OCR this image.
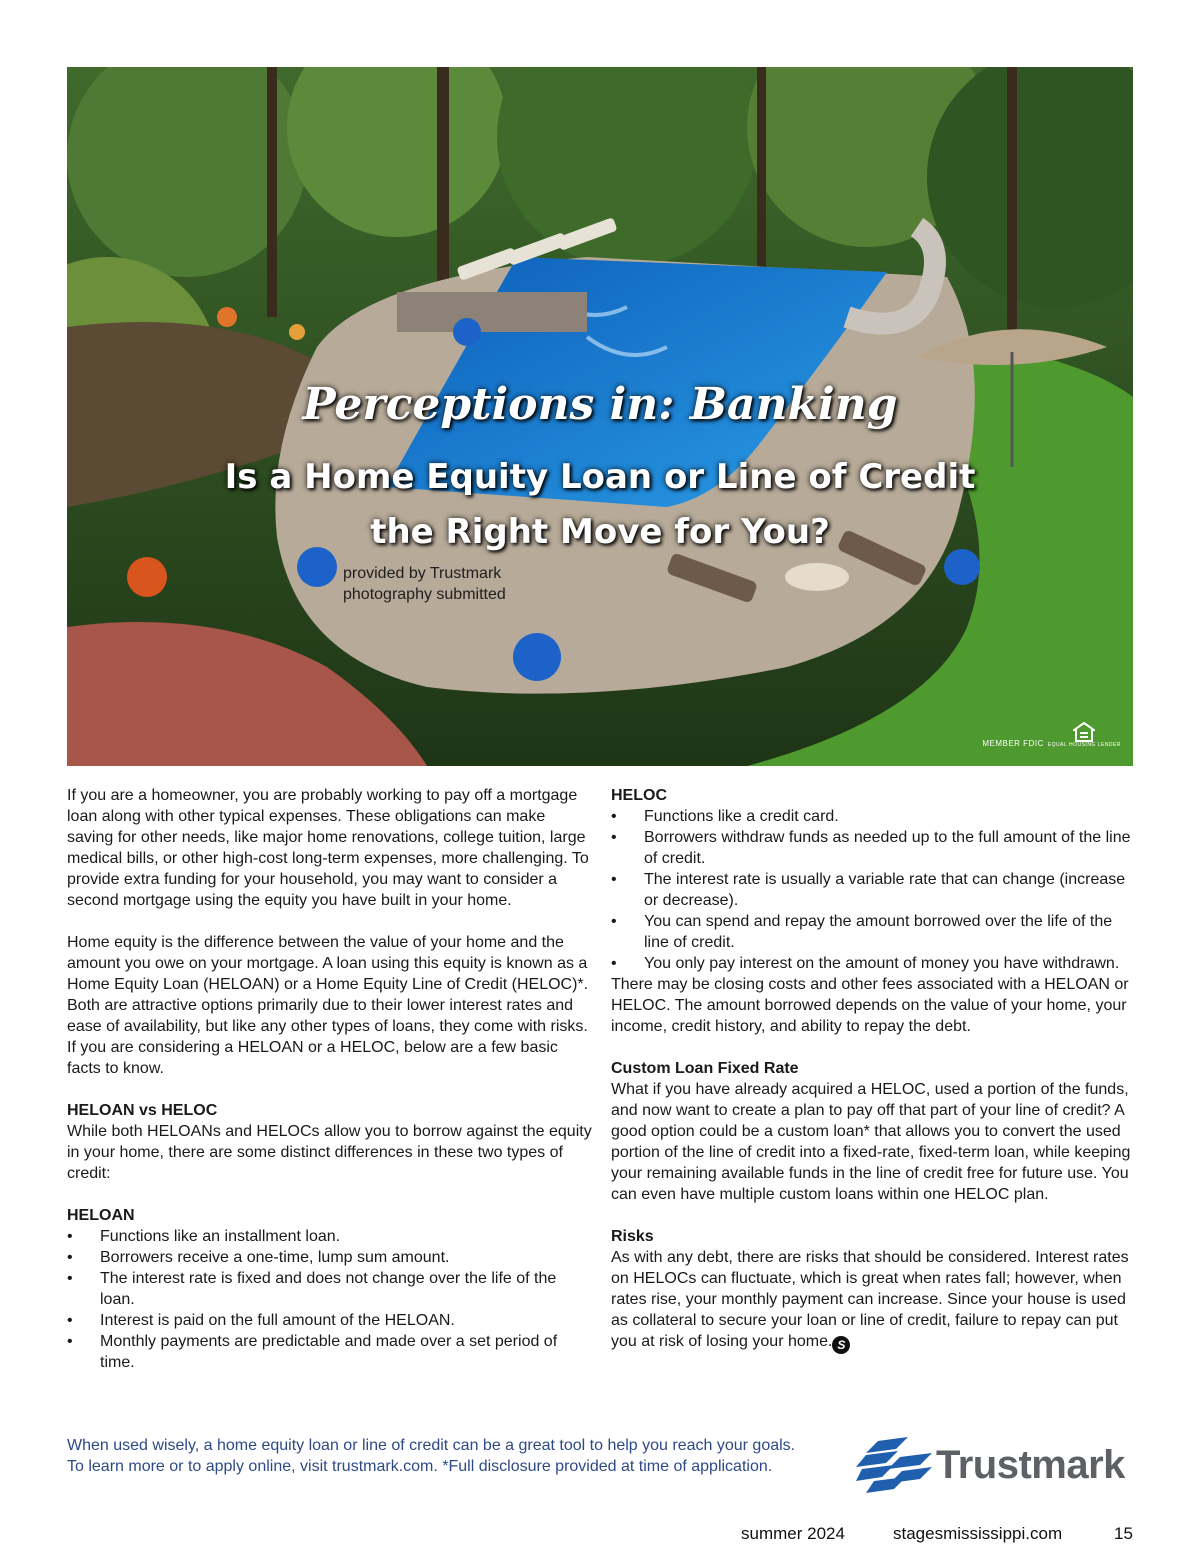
Perceptions in: Banking
Is a Home Equity Loan or Line of Credit the Right Move for You?
provided by Trustmark
photography submitted
MEMBER FDIC EQUAL HOUSING LENDER

If you are a homeowner, you are probably working to pay off a mortgage loan along with other typical expenses. These obligations can make saving for other needs, like major home renovations, college tuition, large medical bills, or other high-cost long-term expenses, more challenging. To provide extra funding for your household, you may want to consider a second mortgage using the equity you have built in your home.

Home equity is the difference between the value of your home and the amount you owe on your mortgage. A loan using this equity is known as a Home Equity Loan (HELOAN) or a Home Equity Line of Credit (HELOC)*. Both are attractive options primarily due to their lower interest rates and ease of availability, but like any other types of loans, they come with risks. If you are considering a HELOAN or a HELOC, below are a few basic facts to know.

HELOAN vs HELOC

While both HELOANs and HELOCs allow you to borrow against the equity in your home, there are some distinct differences in these two types of credit:

HELOAN
• Functions like an installment loan.
• Borrowers receive a one-time, lump sum amount.
• The interest rate is fixed and does not change over the life of the loan.
• Interest is paid on the full amount of the HELOAN.
• Monthly payments are predictable and made over a set period of time.
HELOC
• Functions like a credit card.
• Borrowers withdraw funds as needed up to the full amount of the line of credit.
• The interest rate is usually a variable rate that can change (increase or decrease).
• You can spend and repay the amount borrowed over the life of the line of credit.
• You only pay interest on the amount of money you have withdrawn.

There may be closing costs and other fees associated with a HELOAN or HELOC. The amount borrowed depends on the value of your home, your income, credit history, and ability to repay the debt.

Custom Loan Fixed Rate

What if you have already acquired a HELOC, used a portion of the funds, and now want to create a plan to pay off that part of your line of credit? A good option could be a custom loan* that allows you to convert the used portion of the line of credit into a fixed-rate, fixed-term loan, while keeping your remaining available funds in the line of credit free for future use. You can even have multiple custom loans within one HELOC plan.

Risks

As with any debt, there are risks that should be considered. Interest rates on HELOCs can fluctuate, which is great when rates fall; however, when rates rise, your monthly payment can increase. Since your house is used as collateral to secure your loan or line of credit, failure to repay can put you at risk of losing your home. S

When used wisely, a home equity loan or line of credit can be a great tool to help you reach your goals. To learn more or to apply online, visit trustmark.com. *Full disclosure provided at time of application.	Trustmark
summer 2024	stagesmississippi.com	15
